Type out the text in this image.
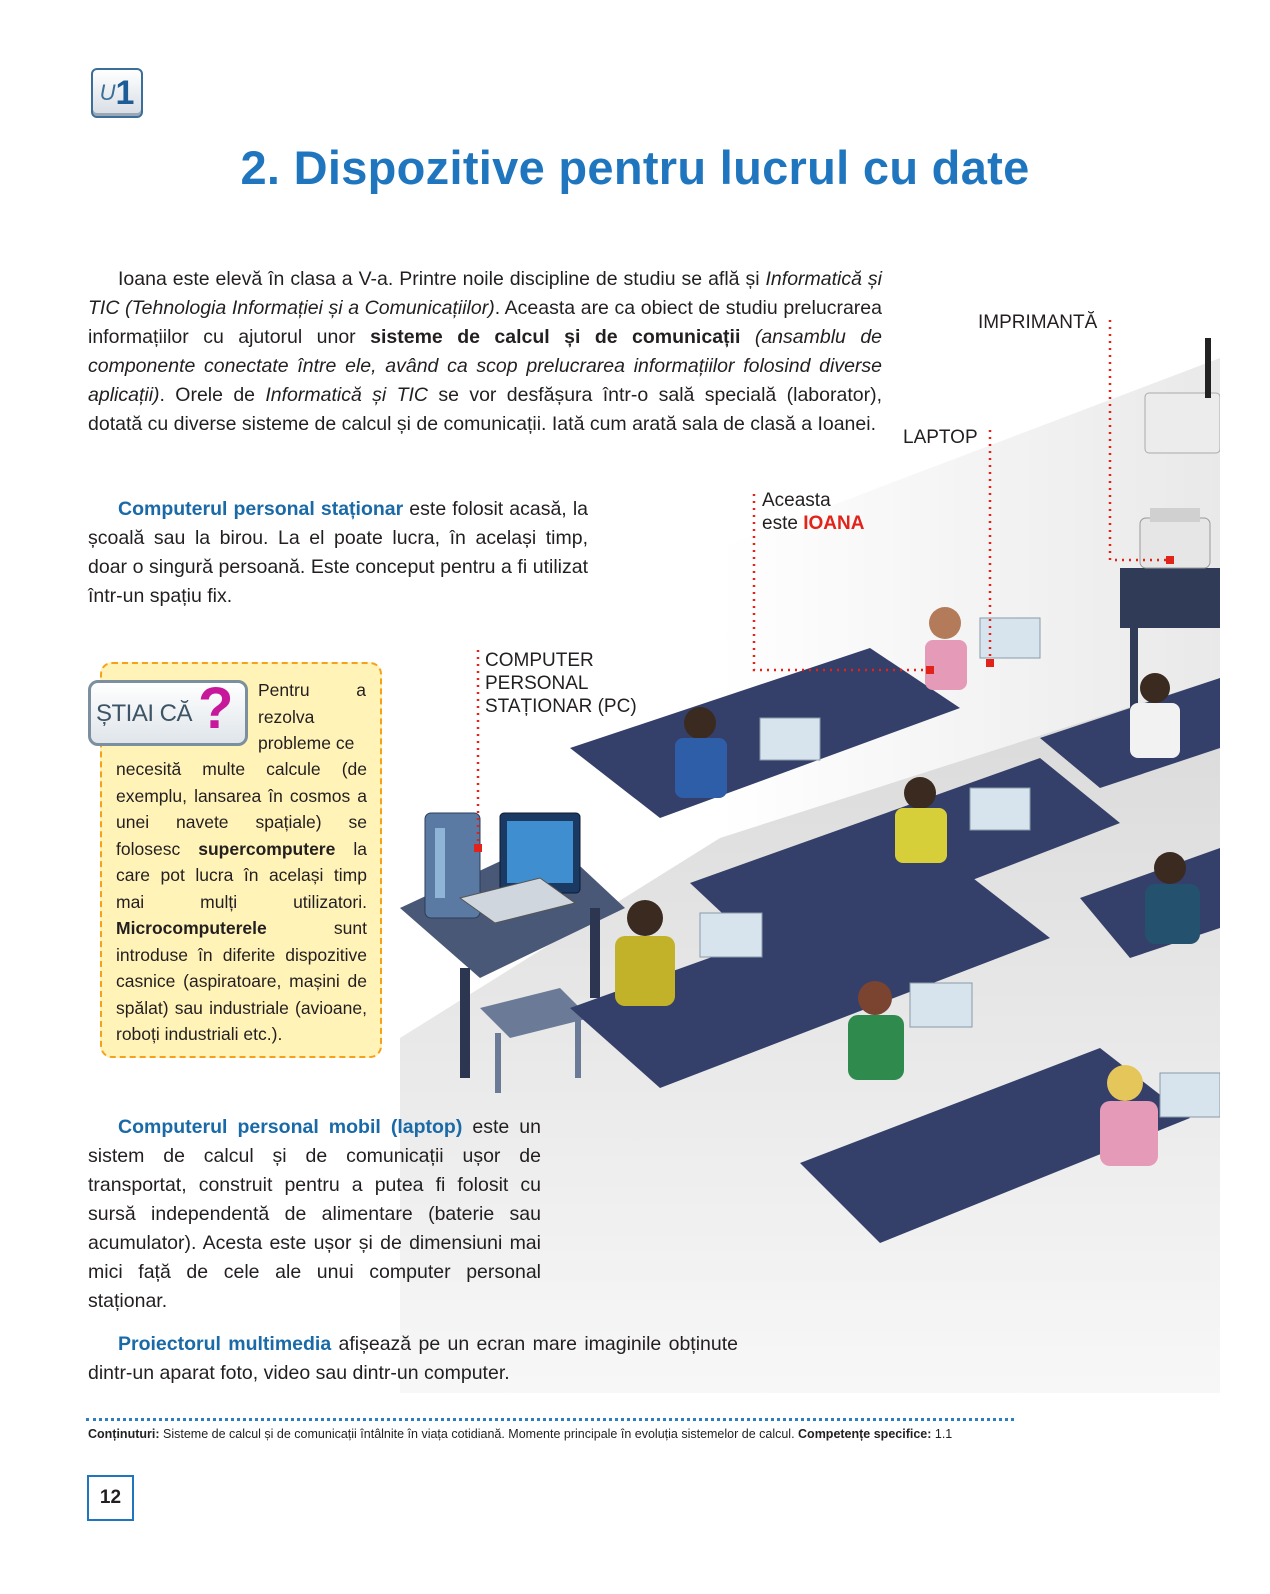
U 1
2. Dispozitive pentru lucrul cu date

Ioana este elevă în clasa a V-a. Printre noile discipline de studiu se află și Informatică și TIC (Tehnologia Informației și a Comunicațiilor). Aceasta are ca obiect de studiu prelucrarea informațiilor cu ajutorul unor sisteme de calcul și de comunicații (ansamblu de componente conectate între ele, având ca scop prelucrarea informațiilor folosind diverse aplicații). Orele de Informatică și TIC se vor desfășura într-o sală specială (laborator), dotată cu diverse sisteme de calcul și de comunicații. Iată cum arată sala de clasă a Ioanei.

Computerul personal staționar este folosit acasă, la școală sau la birou. La el poate lucra, în același timp, doar o singură persoană. Este conceput pentru a fi utilizat într-un spațiu fix.

IMPRIMANTĂ
LAPTOP
Aceasta
este IOANA
COMPUTER
PERSONAL
STAȚIONAR (PC)
ȘTIAI CĂ ? Pentru a rezolva probleme ce

necesită multe calcule (de exemplu, lansarea în cosmos a unei navete spațiale) se folosesc supercomputere la care pot lucra în același timp mai mulți utilizatori. Microcomputerele sunt introduse în diferite dispozitive casnice (aspiratoare, mașini de spălat) sau industriale (avioane, roboți industriali etc.).

Computerul personal mobil (laptop) este un sistem de calcul și de comunicații ușor de transportat, construit pentru a putea fi folosit cu sursă independentă de alimentare (baterie sau acumulator). Acesta este ușor și de dimensiuni mai mici față de cele ale unui computer personal staționar.

Proiectorul multimedia afișează pe un ecran mare imaginile obținute dintr-un aparat foto, video sau dintr-un computer.

Conținuturi: Sisteme de calcul și de comunicații întâlnite în viața cotidiană. Momente principale în evoluția sistemelor de calcul. Competențe specifice: 1.1
12
